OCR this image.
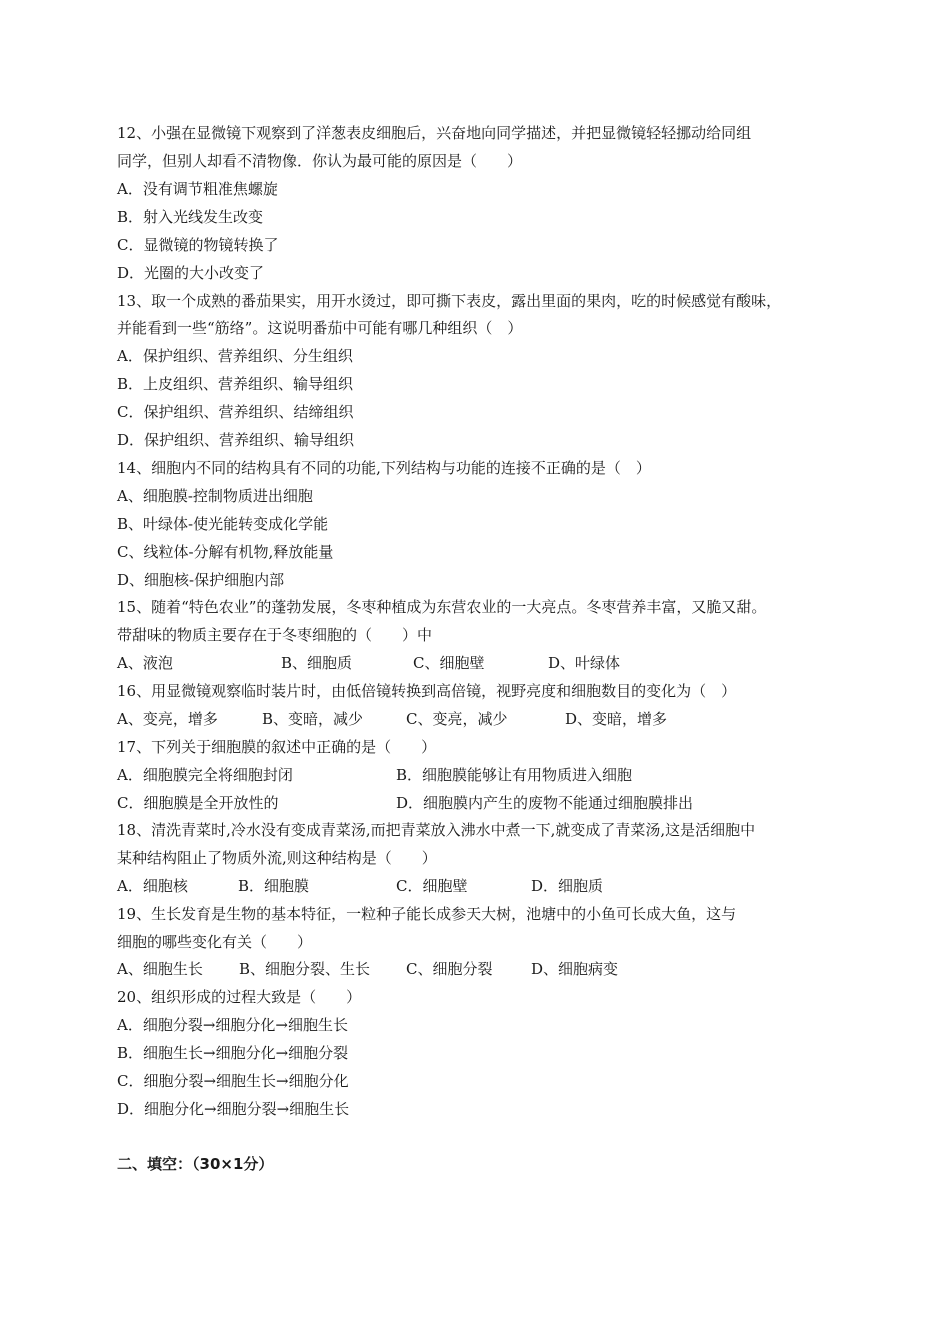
12、小强在显微镜下观察到了洋葱表皮细胞后，兴奋地向同学描述，并把显微镜轻轻挪动给同组
同学，但别人却看不清物像．你认为最可能的原因是（　　）
A．没有调节粗准焦螺旋
B．射入光线发生改变
C．显微镜的物镜转换了
D．光圈的大小改变了
13、取一个成熟的番茄果实，用开水烫过，即可撕下表皮，露出里面的果肉，吃的时候感觉有酸味，
并能看到一些“筋络”。这说明番茄中可能有哪几种组织（　）
A．保护组织、营养组织、分生组织
B．上皮组织、营养组织、输导组织
C．保护组织、营养组织、结缔组织
D．保护组织、营养组织、输导组织
14、细胞内不同的结构具有不同的功能,下列结构与功能的连接不正确的是（　）
A、细胞膜-控制物质进出细胞
B、叶绿体-使光能转变成化学能
C、线粒体-分解有机物,释放能量
D、细胞核-保护细胞内部
15、随着“特色农业”的蓬勃发展，冬枣种植成为东营农业的一大亮点。冬枣营养丰富，又脆又甜。
带甜味的物质主要存在于冬枣细胞的（　　）中
A、液泡	B、细胞质	C、细胞壁	D、叶绿体
16、用显微镜观察临时装片时，由低倍镜转换到高倍镜，视野亮度和细胞数目的变化为（　）
A、变亮，增多	B、变暗，减少	C、变亮，减少	D、变暗，增多
17、下列关于细胞膜的叙述中正确的是（　　）
A．细胞膜完全将细胞封闭	B．细胞膜能够让有用物质进入细胞
C．细胞膜是全开放性的	D．细胞膜内产生的废物不能通过细胞膜排出
18、清洗青菜时,冷水没有变成青菜汤,而把青菜放入沸水中煮一下,就变成了青菜汤,这是活细胞中
某种结构阻止了物质外流,则这种结构是（　　）
A．细胞核	B．细胞膜	C．细胞壁	D．细胞质
19、生长发育是生物的基本特征，一粒种子能长成参天大树，池塘中的小鱼可长成大鱼，这与
细胞的哪些变化有关（　　）
A、细胞生长 B、细胞分裂、生长 C、细胞分裂	D、细胞病变
20、组织形成的过程大致是（　　）
A．细胞分裂→细胞分化→细胞生长
B．细胞生长→细胞分化→细胞分裂
C．细胞分裂→细胞生长→细胞分化
D．细胞分化→细胞分裂→细胞生长
二、填空：（30×1分）
